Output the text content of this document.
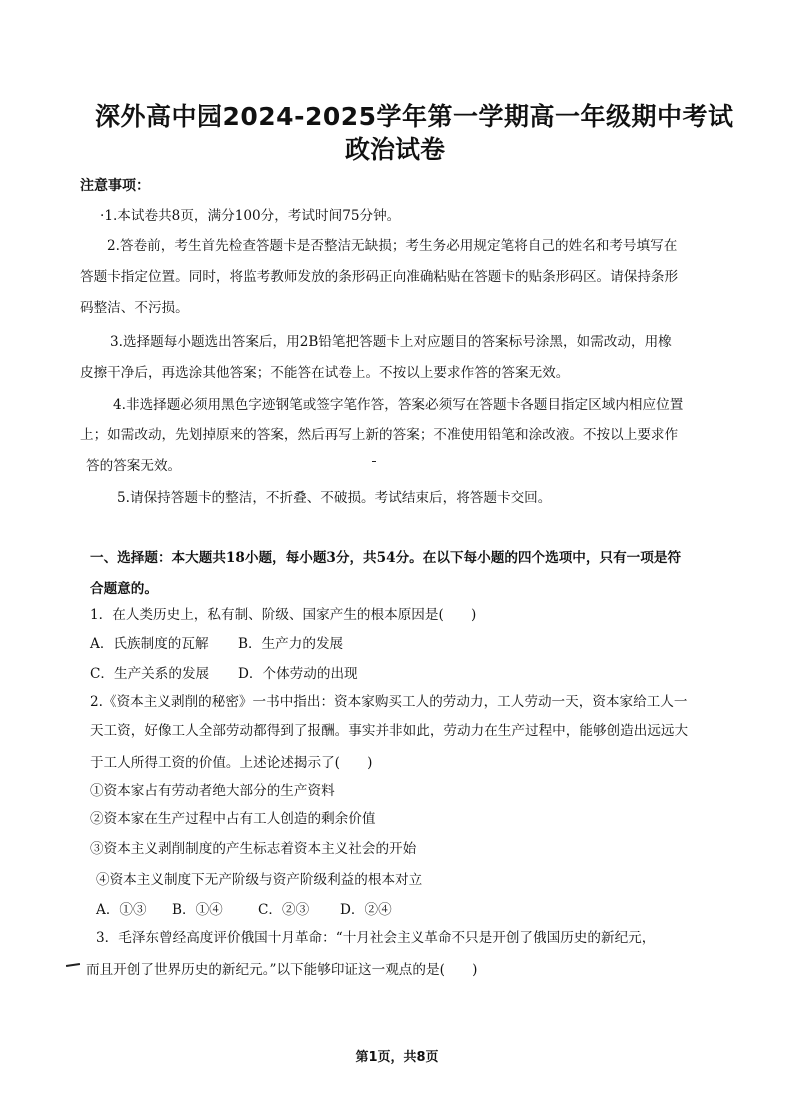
深外高中园2024-2025学年第一学期高一年级期中考试
政治试卷
注意事项：
·1.本试卷共8页，满分100分，考试时间75分钟。
2.答卷前，考生首先检查答题卡是否整洁无缺损；考生务必用规定笔将自己的姓名和考号填写在
答题卡指定位置。同时，将监考教师发放的条形码正向准确粘贴在答题卡的贴条形码区。请保持条形
码整洁、不污损。
3.选择题每小题选出答案后，用2B铅笔把答题卡上对应题目的答案标号涂黑，如需改动，用橡
皮擦干净后，再选涂其他答案；不能答在试卷上。不按以上要求作答的答案无效。
4.非选择题必须用黑色字迹钢笔或签字笔作答，答案必须写在答题卡各题目指定区域内相应位置
上；如需改动，先划掉原来的答案，然后再写上新的答案；不准使用铅笔和涂改液。不按以上要求作
答的答案无效。
5.请保持答题卡的整洁，不折叠、不破损。考试结束后，将答题卡交回。
一、选择题：本大题共18小题，每小题3分，共54分。在以下每小题的四个选项中，只有一项是符
合题意的。
1．在人类历史上，私有制、阶级、国家产生的根本原因是(　　)
A．氏族制度的瓦解 B．生产力的发展
C．生产关系的发展 D．个体劳动的出现
2.《资本主义剥削的秘密》一书中指出：资本家购买工人的劳动力，工人劳动一天，资本家给工人一
天工资，好像工人全部劳动都得到了报酬。事实并非如此，劳动力在生产过程中，能够创造出远远大
于工人所得工资的价值。上述论述揭示了(　　)
①资本家占有劳动者绝大部分的生产资料
②资本家在生产过程中占有工人创造的剩余价值
③资本主义剥削制度的产生标志着资本主义社会的开始
④资本主义制度下无产阶级与资产阶级利益的根本对立
A．①③ B．①④	C．②③ D．②④
3．毛泽东曾经高度评价俄国十月革命：“十月社会主义革命不只是开创了俄国历史的新纪元，
而且开创了世界历史的新纪元。”以下能够印证这一观点的是(　　)
第1页，共8页
